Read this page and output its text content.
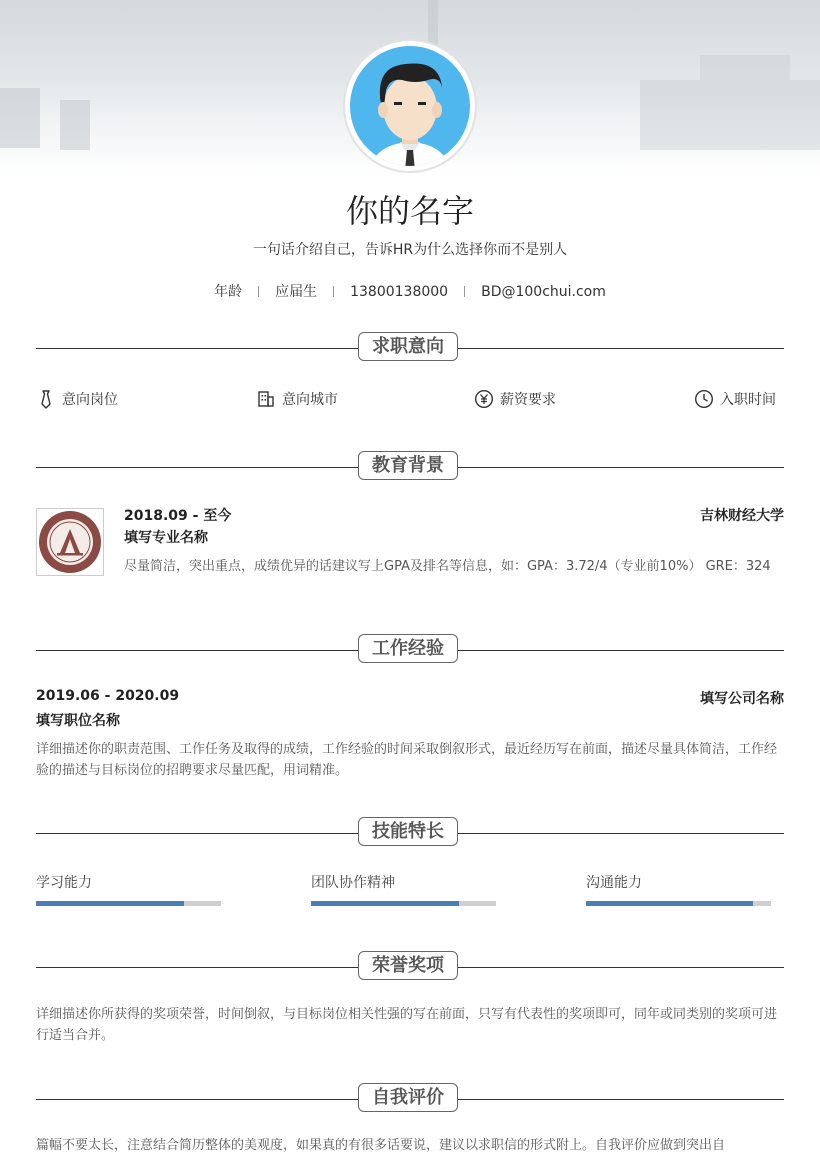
你的名字
一句话介绍自己，告诉HR为什么选择你而不是别人
年龄 应届生 13800138000 BD@100chui.com
求职意向
意向岗位	意向城市	薪资要求	入职时间
教育背景
2018.09 - 至今	吉林财经大学
填写专业名称
尽量简洁，突出重点，成绩优异的话建议写上GPA及排名等信息，如：GPA：3.72/4（专业前10%） GRE：324
工作经验
2019.06 - 2020.09	填写公司名称
填写职位名称
详细描述你的职责范围、工作任务及取得的成绩，工作经验的时间采取倒叙形式，最近经历写在前面，描述尽量具体简洁，工作经验的描述与目标岗位的招聘要求尽量匹配，用词精准。
技能特长
学习能力	团队协作精神	沟通能力
荣誉奖项
详细描述你所获得的奖项荣誉，时间倒叙，与目标岗位相关性强的写在前面，只写有代表性的奖项即可，同年或同类别的奖项可进行适当合并。
自我评价
篇幅不要太长，注意结合简历整体的美观度，如果真的有很多话要说，建议以求职信的形式附上。自我评价应做到突出自
